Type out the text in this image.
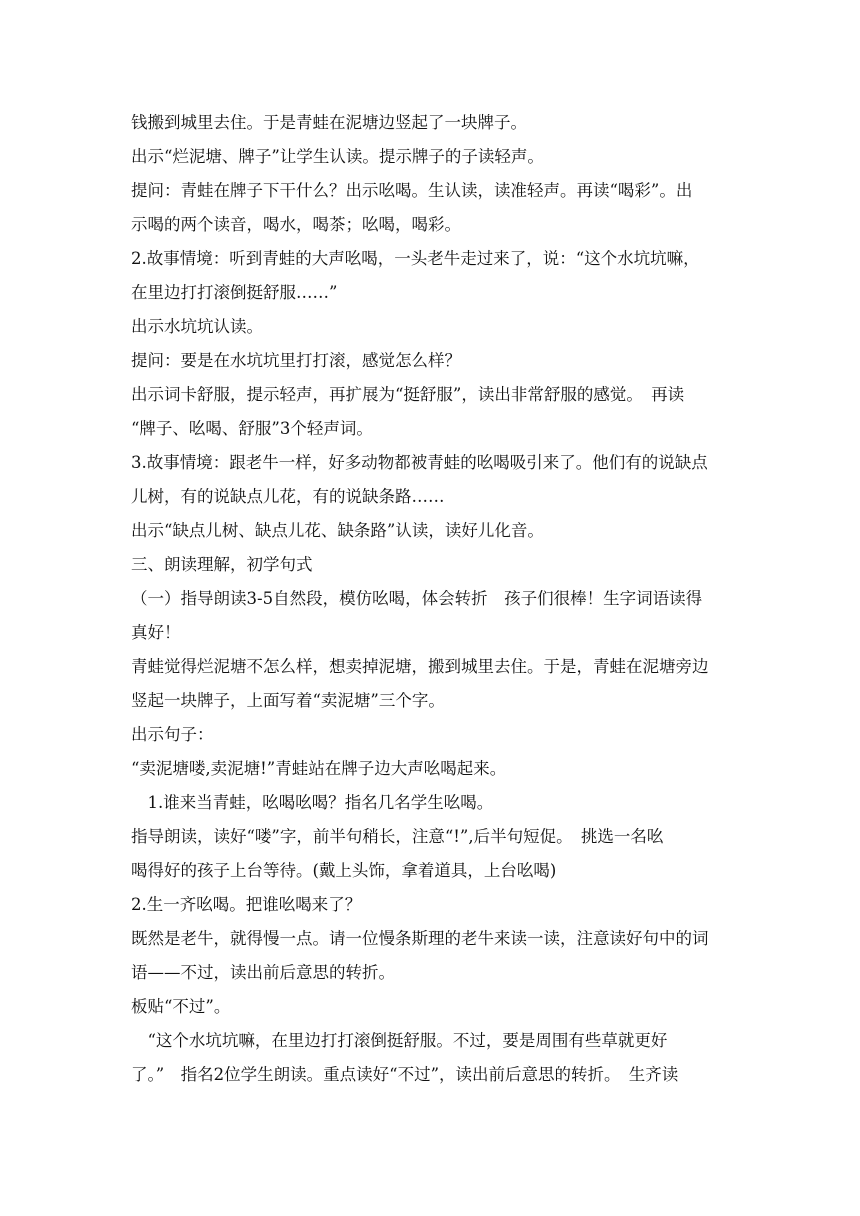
钱搬到城里去住。于是青蛙在泥塘边竖起了一块牌子。
出示“烂泥塘、牌子”让学生认读。提示牌子的子读轻声。
提问：青蛙在牌子下干什么？出示吆喝。生认读，读准轻声。再读“喝彩”。出
示喝的两个读音，喝水，喝茶；吆喝，喝彩。
2.故事情境：听到青蛙的大声吆喝，一头老牛走过来了，说：“这个水坑坑嘛，
在里边打打滚倒挺舒服……”
出示水坑坑认读。
提问：要是在水坑坑里打打滚，感觉怎么样？
出示词卡舒服，提示轻声，再扩展为“挺舒服”，读出非常舒服的感觉。　再读
“牌子、吆喝、舒服”3个轻声词。
3.故事情境：跟老牛一样，好多动物都被青蛙的吆喝吸引来了。他们有的说缺点
儿树，有的说缺点儿花，有的说缺条路……
出示“缺点儿树、缺点儿花、缺条路”认读，读好儿化音。
三、朗读理解，初学句式
（一）指导朗读3-5自然段，模仿吆喝，体会转折　孩子们很棒！生字词语读得
真好！
青蛙觉得烂泥塘不怎么样，想卖掉泥塘，搬到城里去住。于是，青蛙在泥塘旁边
竖起一块牌子，上面写着“卖泥塘”三个字。
出示句子：
“卖泥塘喽,卖泥塘!”青蛙站在牌子边大声吆喝起来。
　1.谁来当青蛙，吆喝吆喝？指名几名学生吆喝。
指导朗读，读好“喽”字，前半句稍长，注意“!”,后半句短促。　挑选一名吆
喝得好的孩子上台等待。(戴上头饰，拿着道具，上台吆喝)
2.生一齐吆喝。把谁吆喝来了？
既然是老牛，就得慢一点。请一位慢条斯理的老牛来读一读，注意读好句中的词
语——不过，读出前后意思的转折。
板贴“不过”。
　“这个水坑坑嘛，在里边打打滚倒挺舒服。不过，要是周围有些草就更好
了。”　指名2位学生朗读。重点读好“不过”，读出前后意思的转折。　生齐读
